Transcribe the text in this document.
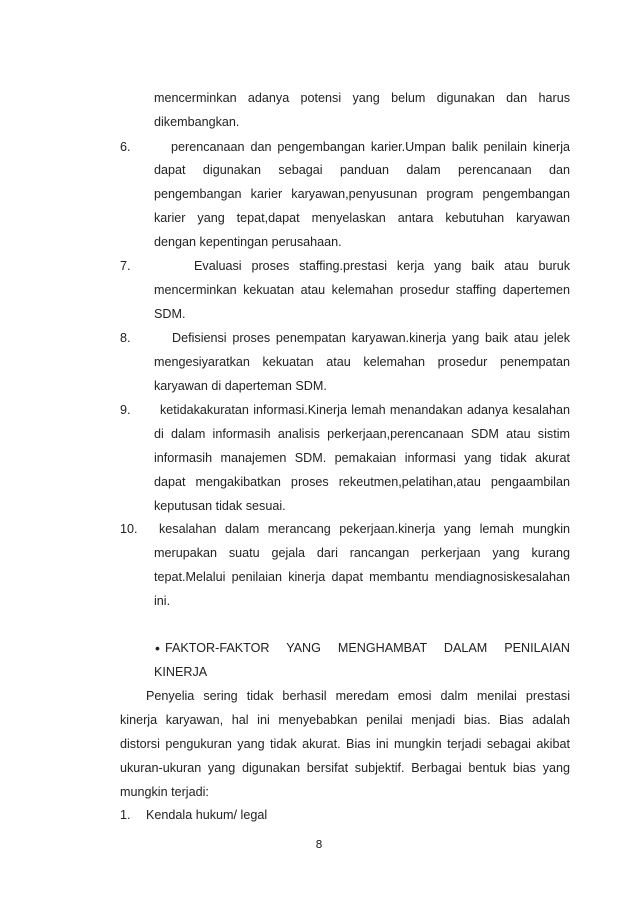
mencerminkan adanya potensi yang belum digunakan dan harus
dikembangkan.
6.	perencanaan dan pengembangan karier.Umpan balik penilain kinerja
dapat digunakan sebagai panduan dalam perencanaan dan
pengembangan karier karyawan,penyusunan program pengembangan
karier yang tepat,dapat menyelaskan antara kebutuhan karyawan
dengan kepentingan perusahaan.
7.	Evaluasi proses staffing.prestasi kerja yang baik atau buruk
mencerminkan kekuatan atau kelemahan prosedur staffing dapertemen
SDM.
8.	Defisiensi proses penempatan karyawan.kinerja yang baik atau jelek
mengesiyaratkan kekuatan atau kelemahan prosedur penempatan
karyawan di daperteman SDM.
9. ketidakakuratan informasi.Kinerja lemah menandakan adanya kesalahan
di dalam informasih analisis perkerjaan,perencanaan SDM atau sistim
informasih manajemen SDM. pemakaian informasi yang tidak akurat
dapat mengakibatkan proses rekeutmen,pelatihan,atau pengaambilan
keputusan tidak sesuai.
10. kesalahan dalam merancang pekerjaan.kinerja yang lemah mungkin
merupakan suatu gejala dari rancangan perkerjaan yang kurang
tepat.Melalui penilaian kinerja dapat membantu mendiagnosiskesalahan
ini.
• FAKTOR-FAKTOR YANG MENGHAMBAT DALAM PENILAIAN
KINERJA
Penyelia sering tidak berhasil meredam emosi dalm menilai prestasi
kinerja karyawan, hal ini menyebabkan penilai menjadi bias. Bias adalah
distorsi pengukuran yang tidak akurat. Bias ini mungkin terjadi sebagai akibat
ukuran-ukuran yang digunakan bersifat subjektif. Berbagai bentuk bias yang
mungkin terjadi:
1. Kendala hukum/ legal
8
